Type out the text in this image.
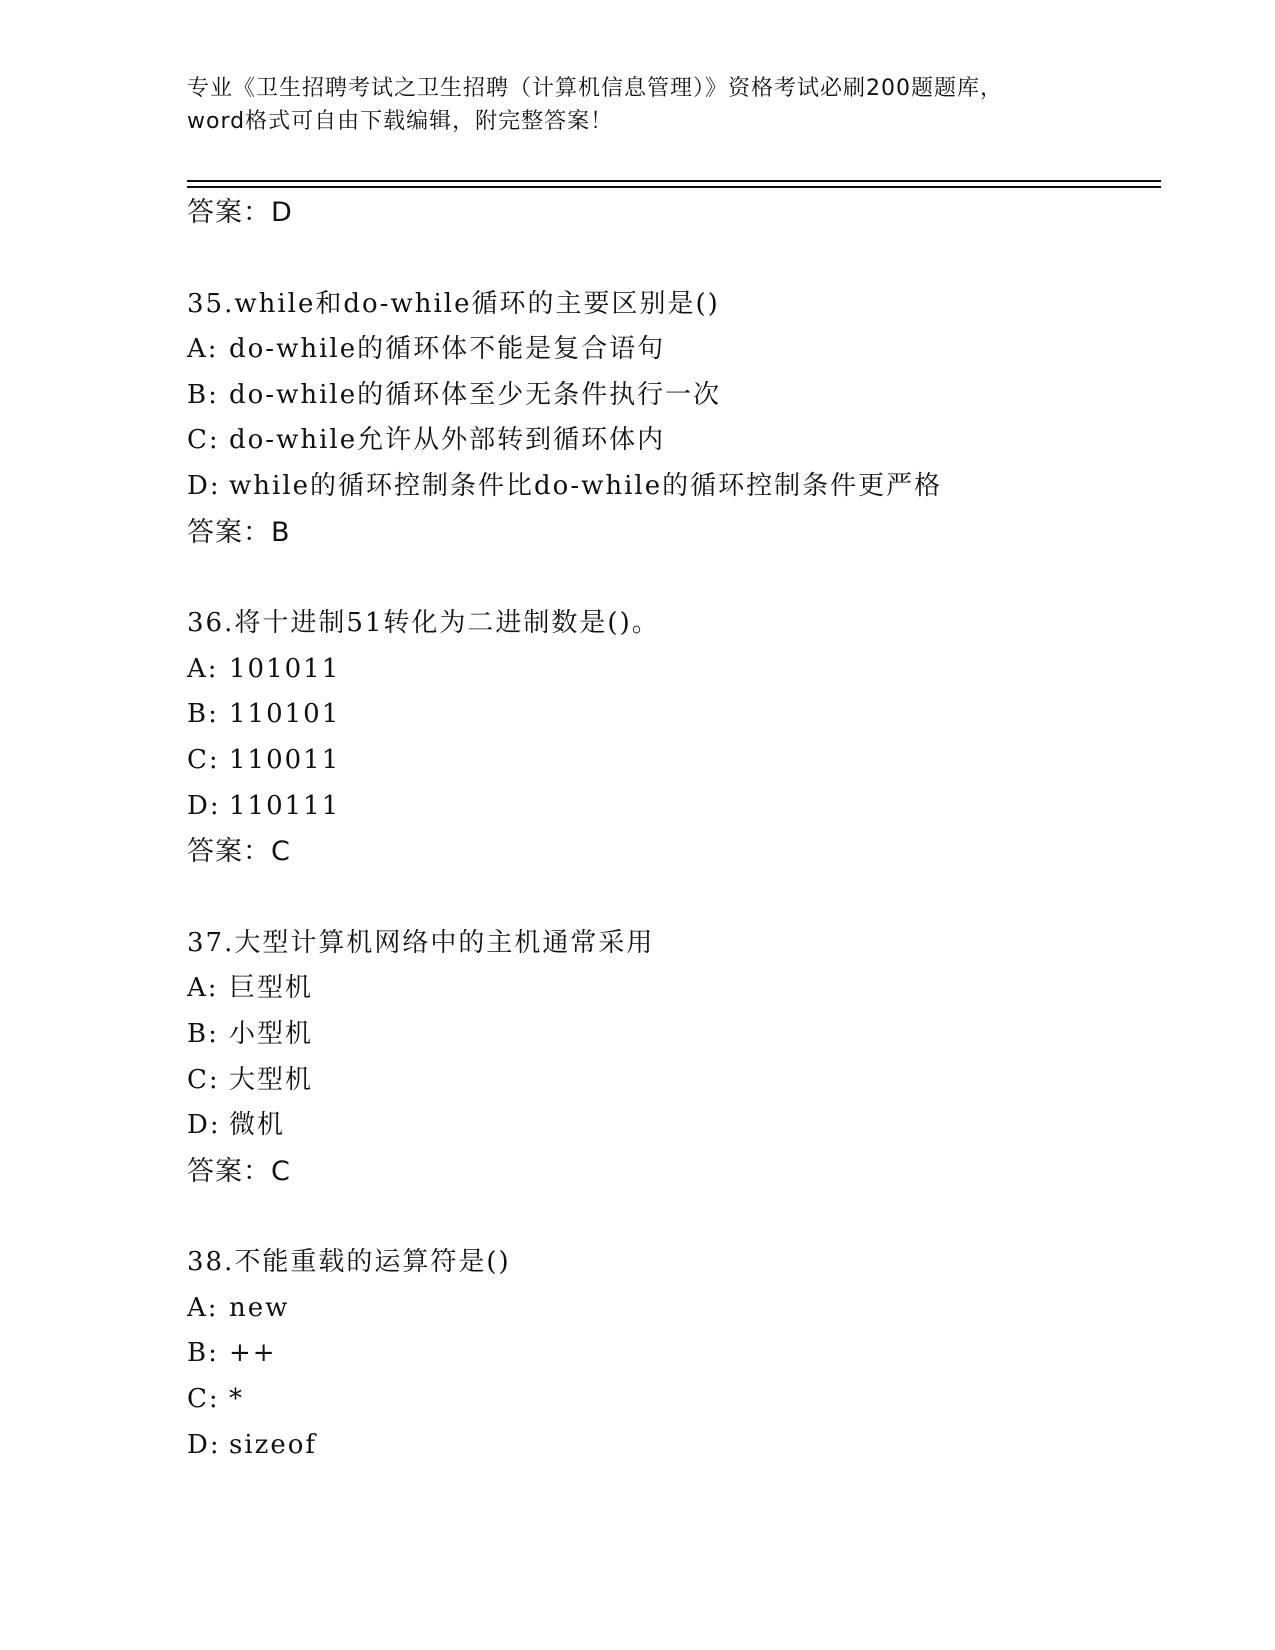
专业《卫生招聘考试之卫生招聘（计算机信息管理）》资格考试必刷200题题库，
word格式可自由下载编辑，附完整答案！
答案：D
35.while和do-while循环的主要区别是()
A: do-while的循环体不能是复合语句
B: do-while的循环体至少无条件执行一次
C: do-while允许从外部转到循环体内
D: while的循环控制条件比do-while的循环控制条件更严格
答案：B
36.将十进制51转化为二进制数是()。
A: 101011
B: 110101
C: 110011
D: 110111
答案：C
37.大型计算机网络中的主机通常采用
A: 巨型机
B: 小型机
C: 大型机
D: 微机
答案：C
38.不能重载的运算符是()
A: new
B: ++
C: *
D: sizeof
